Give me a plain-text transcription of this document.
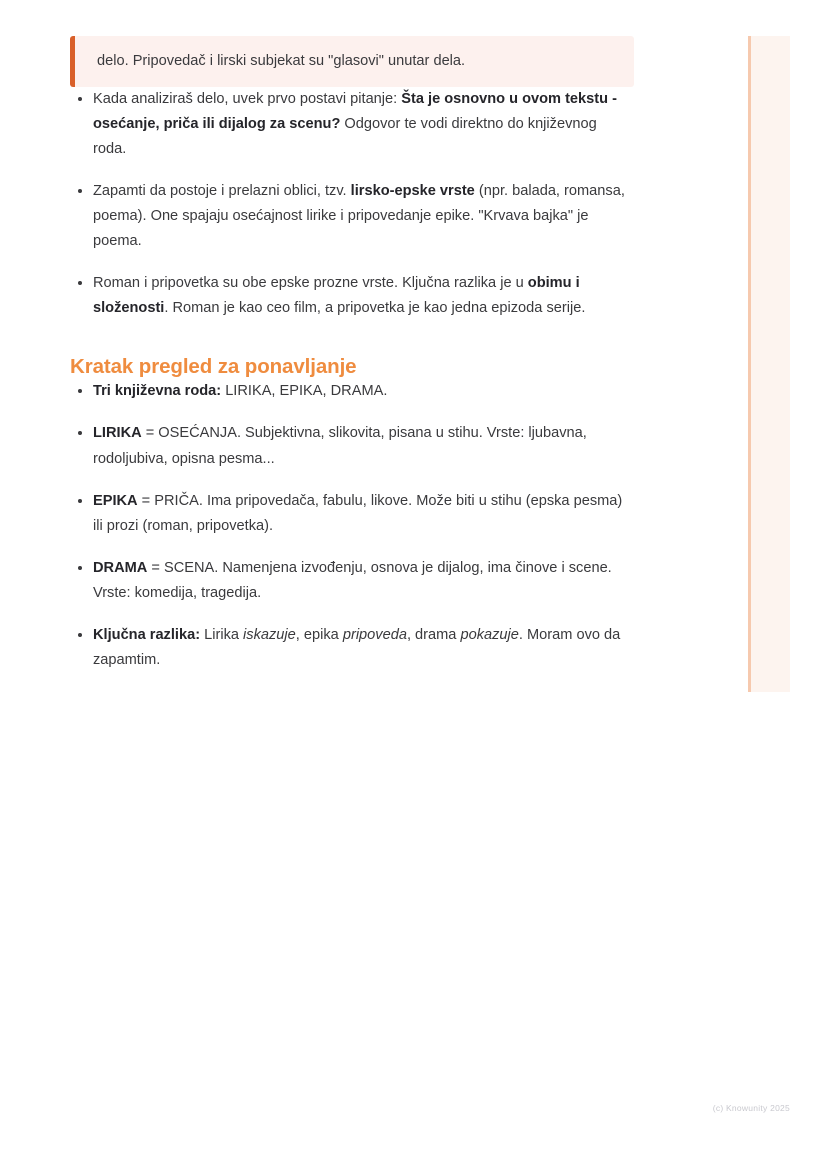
delo. Pripovedač i lirski subjekat su "glasovi" unutar dela.

Kada analiziraš delo, uvek prvo postavi pitanje: Šta je osnovno u ovom tekstu - osećanje, priča ili dijalog za scenu? Odgovor te vodi direktno do književnog roda.
Zapamti da postoje i prelazni oblici, tzv. lirsko-epske vrste (npr. balada, romansa, poema). One spajaju osećajnost lirike i pripovedanje epike. "Krvava bajka" je poema.
Roman i pripovetka su obe epske prozne vrste. Ključna razlika je u obimu i složenosti. Roman je kao ceo film, a pripovetka je kao jedna epizoda serije.
Kratak pregled za ponavljanje
Tri književna roda: LIRIKA, EPIKA, DRAMA.
LIRIKA = OSEĆANJA. Subjektivna, slikovita, pisana u stihu. Vrste: ljubavna, rodoljubiva, opisna pesma...
EPIKA = PRIČA. Ima pripovedača, fabulu, likove. Može biti u stihu (epska pesma) ili prozi (roman, pripovetka).
DRAMA = SCENA. Namenjena izvođenju, osnova je dijalog, ima činove i scene. Vrste: komedija, tragedija.
Ključna razlika: Lirika iskazuje, epika pripoveda, drama pokazuje. Moram ovo da zapamtim.
(c) Knowunity 2025
